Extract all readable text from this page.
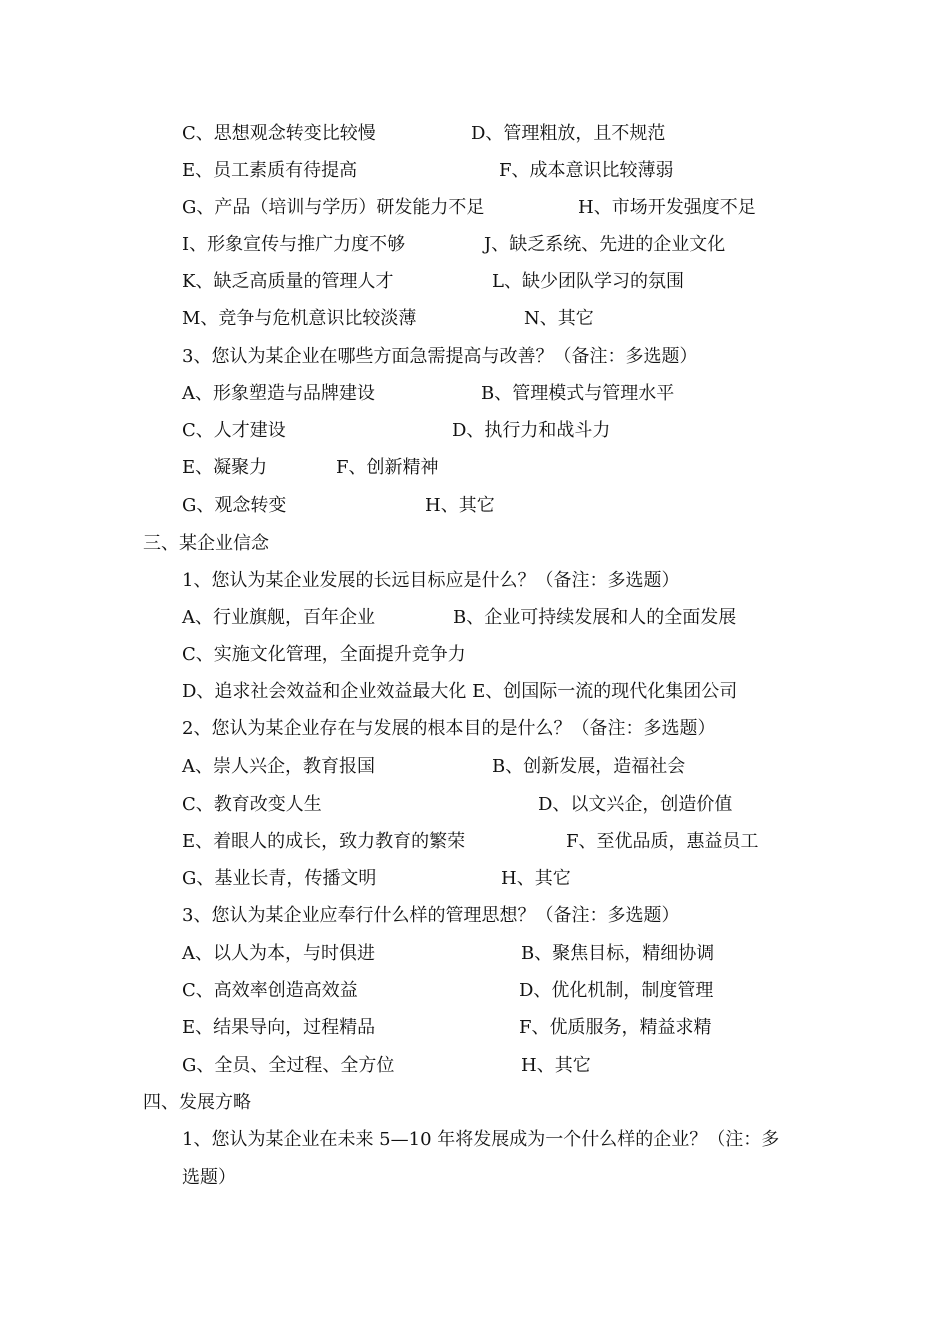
C、思想观念转变比较慢	D、管理粗放，且不规范
E、员工素质有待提高	F、成本意识比较薄弱
G、产品（培训与学历）研发能力不足	H、市场开发强度不足
I、形象宣传与推广力度不够	J、缺乏系统、先进的企业文化
K、缺乏高质量的管理人才	L、缺少团队学习的氛围
M、竞争与危机意识比较淡薄	N、其它
3、您认为某企业在哪些方面急需提高与改善？（备注：多选题）
A、形象塑造与品牌建设	B、管理模式与管理水平
C、人才建设	D、执行力和战斗力
E、凝聚力	F、创新精神
G、观念转变	H、其它
三、某企业信念
1、您认为某企业发展的长远目标应是什么？（备注：多选题）
A、行业旗舰，百年企业	B、企业可持续发展和人的全面发展
C、实施文化管理，全面提升竞争力
D、追求社会效益和企业效益最大化 E、创国际一流的现代化集团公司
2、您认为某企业存在与发展的根本目的是什么？（备注：多选题）
A、崇人兴企，教育报国	B、创新发展，造福社会
C、教育改变人生	D、以文兴企，创造价值
E、着眼人的成长，致力教育的繁荣	F、至优品质，惠益员工
G、基业长青，传播文明	H、其它
3、您认为某企业应奉行什么样的管理思想？（备注：多选题）
A、以人为本，与时俱进	B、聚焦目标，精细协调
C、高效率创造高效益	D、优化机制，制度管理
E、结果导向，过程精品	F、优质服务，精益求精
G、全员、全过程、全方位	H、其它
四、发展方略
1、您认为某企业在未来 5—10 年将发展成为一个什么样的企业？（注：多
选题）
